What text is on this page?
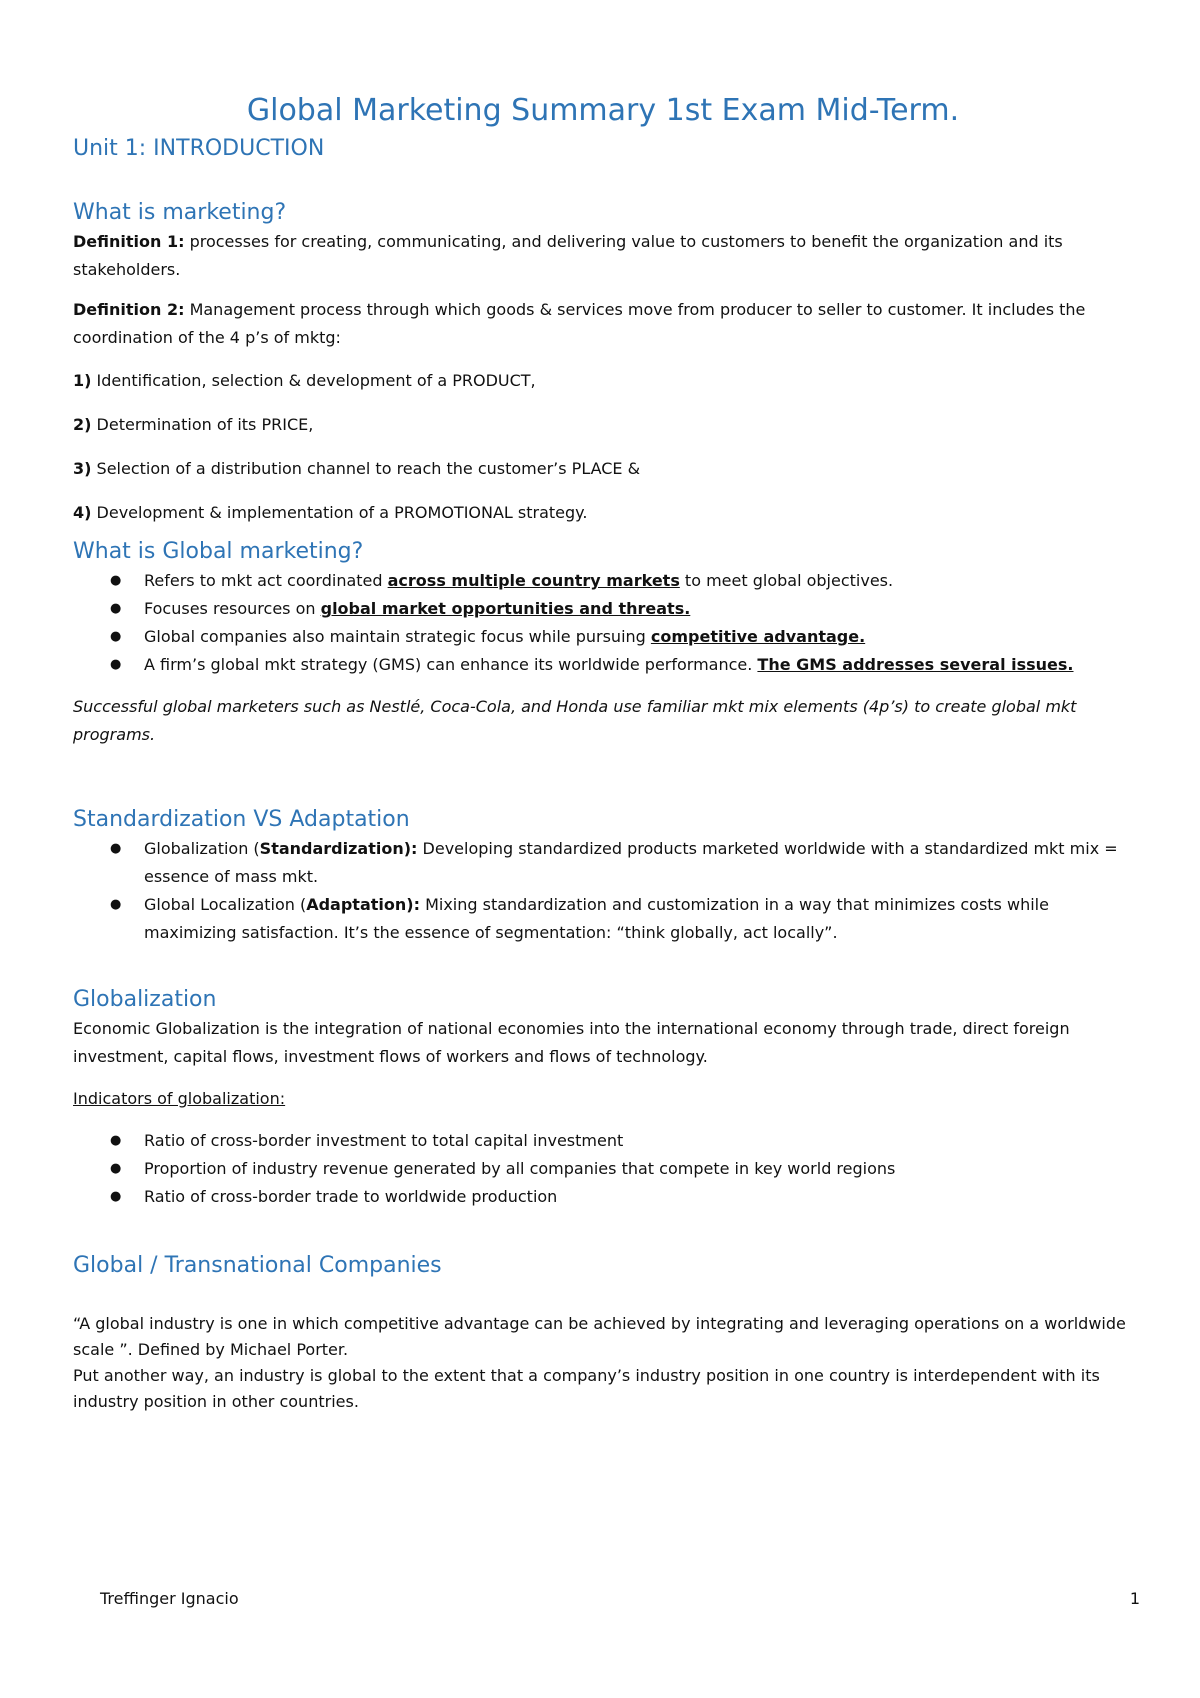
Global Marketing Summary 1st Exam Mid-Term.
Unit 1: INTRODUCTION
What is marketing?

Definition 1: processes for creating, communicating, and delivering value to customers to benefit the organization and its stakeholders.

Definition 2: Management process through which goods & services move from producer to seller to customer. It includes the coordination of the 4 p’s of mktg:

1) Identification, selection & development of a PRODUCT,

2) Determination of its PRICE,

3) Selection of a distribution channel to reach the customer’s PLACE &

4) Development & implementation of a PROMOTIONAL strategy.

What is Global marketing?
● Refers to mkt act coordinated across multiple country markets to meet global objectives.
● Focuses resources on global market opportunities and threats.
● Global companies also maintain strategic focus while pursuing competitive advantage.
● A firm’s global mkt strategy (GMS) can enhance its worldwide performance. The GMS addresses several issues.

Successful global marketers such as Nestlé, Coca-Cola, and Honda use familiar mkt mix elements (4p’s) to create global mkt programs.

Standardization VS Adaptation
● Globalization (Standardization): Developing standardized products marketed worldwide with a standardized mkt mix = essence of mass mkt.
● Global Localization (Adaptation): Mixing standardization and customization in a way that minimizes costs while maximizing satisfaction. It’s the essence of segmentation: “think globally, act locally”.
Globalization

Economic Globalization is the integration of national economies into the international economy through trade, direct foreign investment, capital flows, investment flows of workers and flows of technology.

Indicators of globalization:

● Ratio of cross-border investment to total capital investment
● Proportion of industry revenue generated by all companies that compete in key world regions
● Ratio of cross-border trade to worldwide production
Global / Transnational Companies

“A global industry is one in which competitive advantage can be achieved by integrating and leveraging operations on a worldwide scale ”. Defined by Michael Porter.

Put another way, an industry is global to the extent that a company’s industry position in one country is interdependent with its industry position in other countries.

Treffinger Ignacio	1
